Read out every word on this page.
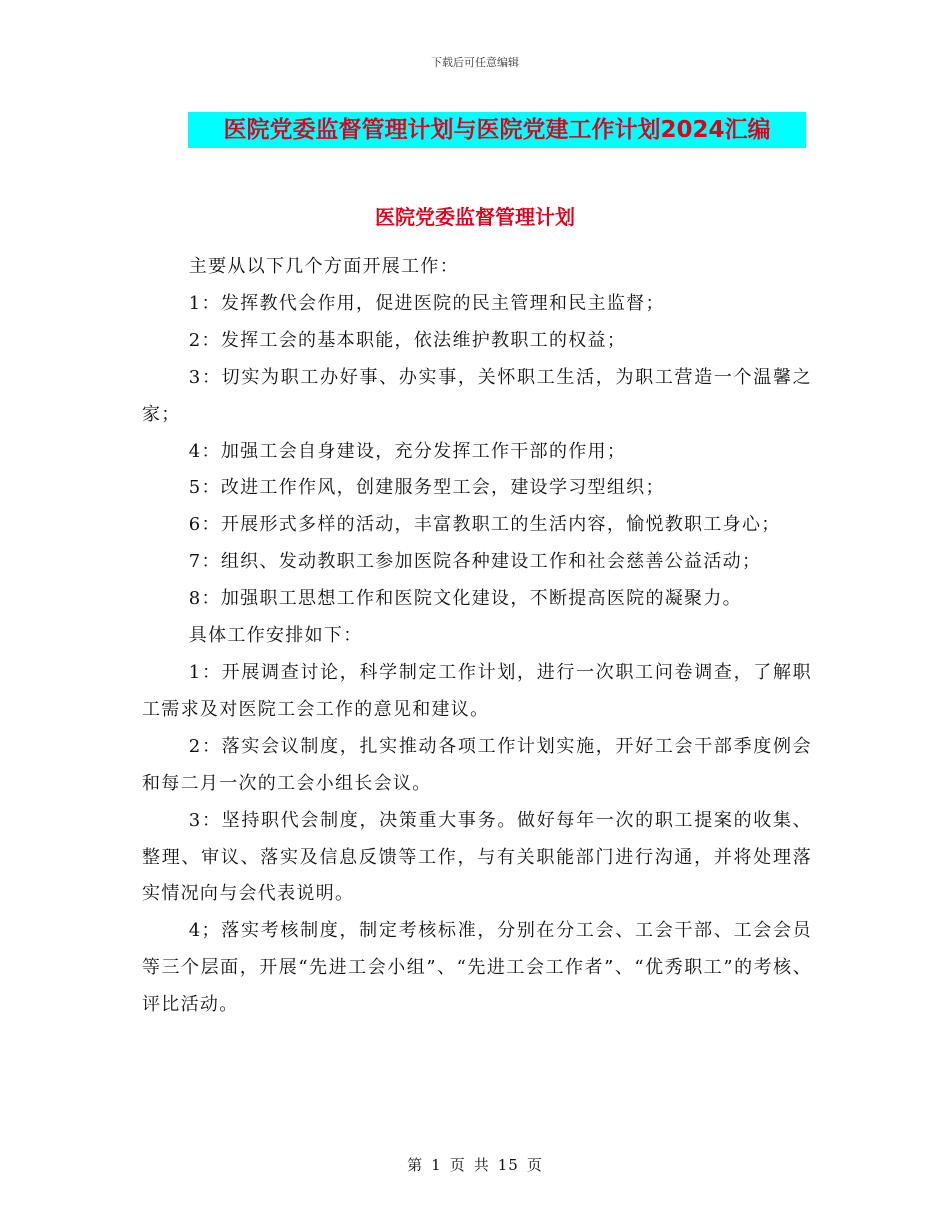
下载后可任意编辑
医院党委监督管理计划与医院党建工作计划2024汇编
医院党委监督管理计划

主要从以下几个方面开展工作：

1：发挥教代会作用，促进医院的民主管理和民主监督；

2：发挥工会的基本职能，依法维护教职工的权益；

3：切实为职工办好事、办实事，关怀职工生活，为职工营造一个温馨之家；

4：加强工会自身建设，充分发挥工作干部的作用；

5：改进工作作风，创建服务型工会，建设学习型组织；

6：开展形式多样的活动，丰富教职工的生活内容，愉悦教职工身心；

7：组织、发动教职工参加医院各种建设工作和社会慈善公益活动；

8：加强职工思想工作和医院文化建设，不断提高医院的凝聚力。

具体工作安排如下：

1：开展调查讨论，科学制定工作计划，进行一次职工问卷调查，了解职工需求及对医院工会工作的意见和建议。

2：落实会议制度，扎实推动各项工作计划实施，开好工会干部季度例会和每二月一次的工会小组长会议。

3：坚持职代会制度，决策重大事务。做好每年一次的职工提案的收集、整理、审议、落实及信息反馈等工作，与有关职能部门进行沟通，并将处理落实情况向与会代表说明。

4；落实考核制度，制定考核标准，分别在分工会、工会干部、工会会员等三个层面，开展“先进工会小组”、“先进工会工作者”、“优秀职工”的考核、评比活动。

第 1 页 共 15 页
